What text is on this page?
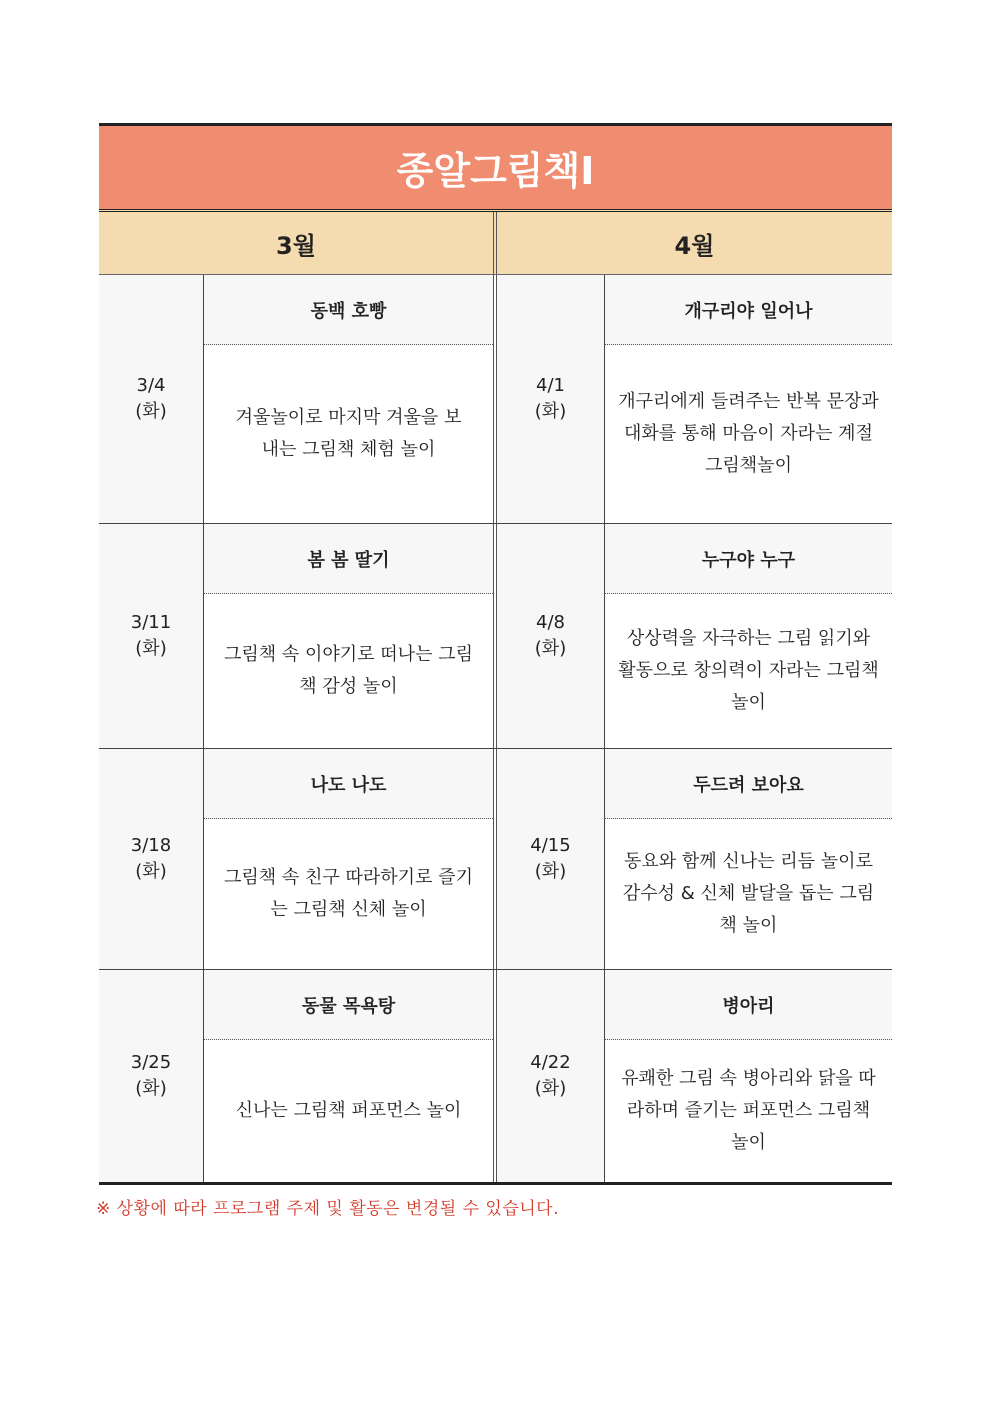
종알그림책Ⅰ
3월	4월
3/4
(화)
동백 호빵
겨울놀이로 마지막 겨울을 보내는 그림책 체험 놀이
4/1
(화)
개구리야 일어나
개구리에게 들려주는 반복 문장과 대화를 통해 마음이 자라는 계절 그림책놀이
3/11
(화)
봄 봄 딸기
그림책 속 이야기로 떠나는 그림책 감성 놀이
4/8
(화)
누구야 누구
상상력을 자극하는 그림 읽기와 활동으로 창의력이 자라는 그림책 놀이
3/18
(화)
나도 나도
그림책 속 친구 따라하기로 즐기는 그림책 신체 놀이
4/15
(화)
두드려 보아요
동요와 함께 신나는 리듬 놀이로 감수성 & 신체 발달을 돕는 그림책 놀이
3/25
(화)
동물 목욕탕
신나는 그림책 퍼포먼스 놀이
4/22
(화)
병아리
유쾌한 그림 속 병아리와 닭을 따라하며 즐기는 퍼포먼스 그림책 놀이
※ 상황에 따라 프로그램 주제 및 활동은 변경될 수 있습니다.
